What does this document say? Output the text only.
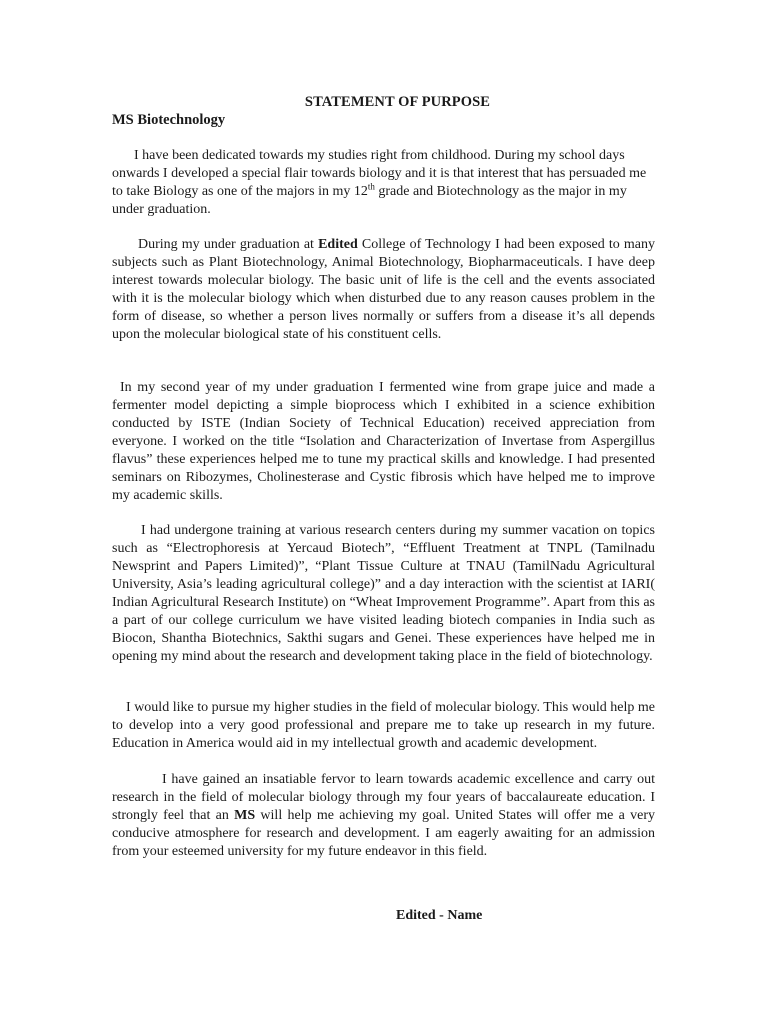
STATEMENT OF PURPOSE
MS Biotechnology
I have been dedicated towards my studies right from childhood. During my school days onwards I developed a special flair towards biology and it is that interest that has persuaded me to take Biology as one of the majors in my 12th grade and Biotechnology as the major in my under graduation.
During my under graduation at Edited College of Technology I had been exposed to many subjects such as Plant Biotechnology, Animal Biotechnology, Biopharmaceuticals. I have deep interest towards molecular biology. The basic unit of life is the cell and the events associated with it is the molecular biology which when disturbed due to any reason causes problem in the form of disease, so whether a person lives normally or suffers from a disease it’s all depends upon the molecular biological state of his constituent cells.
In my second year of my under graduation I fermented wine from grape juice and made a fermenter model depicting a simple bioprocess which I exhibited in a science exhibition conducted by ISTE (Indian Society of Technical Education) received appreciation from everyone. I worked on the title “Isolation and Characterization of Invertase from Aspergillus flavus” these experiences helped me to tune my practical skills and knowledge. I had presented seminars on Ribozymes, Cholinesterase and Cystic fibrosis which have helped me to improve my academic skills.
I had undergone training at various research centers during my summer vacation on topics such as “Electrophoresis at Yercaud Biotech”, “Effluent Treatment at TNPL (Tamilnadu Newsprint and Papers Limited)”, “Plant Tissue Culture at TNAU (TamilNadu Agricultural University, Asia’s leading agricultural college)” and a day interaction with the scientist at IARI( Indian Agricultural Research Institute) on “Wheat Improvement Programme”. Apart from this as a part of our college curriculum we have visited leading biotech companies in India such as Biocon, Shantha Biotechnics, Sakthi sugars and Genei. These experiences have helped me in opening my mind about the research and development taking place in the field of biotechnology.
I would like to pursue my higher studies in the field of molecular biology. This would help me to develop into a very good professional and prepare me to take up research in my future. Education in America would aid in my intellectual growth and academic development.
I have gained an insatiable fervor to learn towards academic excellence and carry out research in the field of molecular biology through my four years of baccalaureate education. I strongly feel that an MS will help me achieving my goal. United States will offer me a very conducive atmosphere for research and development. I am eagerly awaiting for an admission from your esteemed university for my future endeavor in this field.
Edited - Name
